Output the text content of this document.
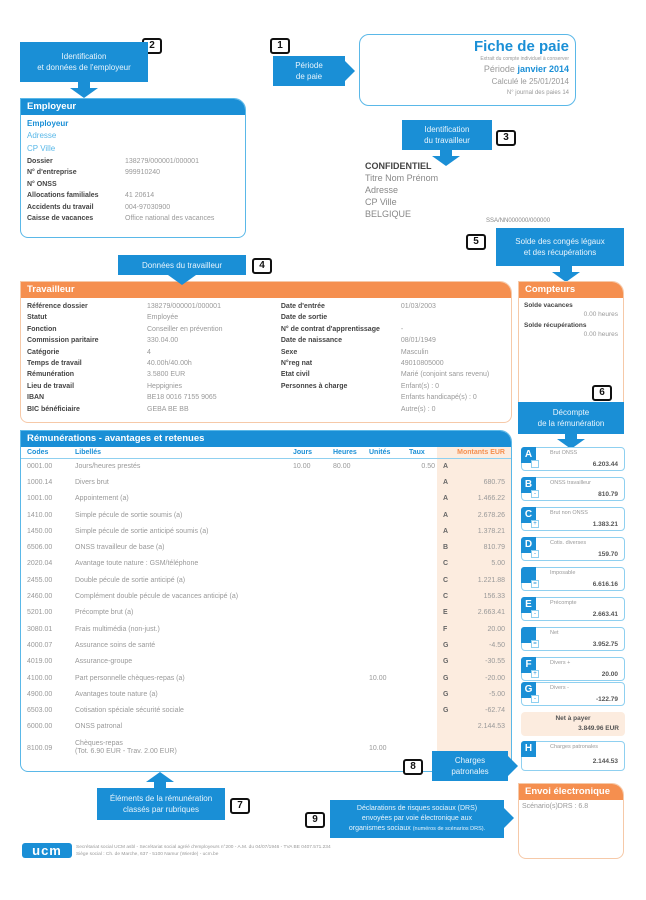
2
Identification
et données de l'employeur
1
Période
de paie
Fiche de paie
Extrait du compte individuel à conserver
Période janvier 2014
Calculé le 25/01/2014
N° journal des paies 14
Employeur
Employeur
Adresse
CP Ville
Dossier	138279/000001/000001
N° d'entreprise	999910240
N° ONSS
Allocations familiales	41 20614
Accidents du travail	004-97030900
Caisse de vacances	Office national des vacances
Identification
du travailleur	3
CONFIDENTIEL
Titre Nom Prénom
Adresse
CP Ville
BELGIQUE
SSA/NN000000/000000
5	Solde des congés légaux
et des récupérations
Données du travailleur	4
Travailleur
Référence dossier	138279/000001/000001
Statut	Employée
Fonction	Conseiller en prévention
Commission paritaire	330.04.00
Catégorie	4
Temps de travail	40.00h/40.00h
Rémunération	3.5800 EUR
Lieu de travail	Heppignies
IBAN	BE18 0016 7155 9065
BIC bénéficiaire	GEBA BE BB
Date d'entrée	01/03/2003
Date de sortie
N° de contrat d'apprentissage	-
Date de naissance	08/01/1949
Sexe	Masculin
N°reg nat	49010805000
Etat civil	Marié (conjoint sans revenu)
Personnes à charge	Enfant(s) : 0
Enfants handicapé(s) : 0
Autre(s) : 0
Compteurs
Solde vacances
0.00 heures
Solde récupérations
0.00 heures
6
Décompte
de la rémunération
Rémunérations - avantages et retenues
Codes	Libellés	Jours	Heures	Unités	Taux		Montants EUR
0001.00	Jours/heures prestés	10.00	80.00		0.50	A	
1000.14	Divers brut					A	680.75
1001.00	Appointement (a)					A	1.466.22
1410.00	Simple pécule de sortie soumis (a)					A	2.678.26
1450.00	Simple pécule de sortie anticipé soumis (a)					A	1.378.21
6506.00	ONSS travailleur de base (a)					B	810.79
2020.04	Avantage toute nature : GSM/téléphone					C	5.00
2455.00	Double pécule de sortie anticipé (a)					C	1.221.88
2460.00	Complément double pécule de vacances anticipé (a)					C	156.33
5201.00	Précompte brut (a)					E	2.663.41
3080.01	Frais multimédia (non-just.)					F	20.00
4000.07	Assurance soins de santé					G	-4.50
4019.00	Assurance-groupe					G	-30.55
4100.00	Part personnelle chèques-repas (a)			10.00		G	-20.00
4900.00	Avantages toute nature (a)					G	-5.00
6503.00	Cotisation spéciale sécurité sociale					G	-62.74
6000.00	ONSS patronal						2.144.53
8100.09	Chèques-repas
(Tot. 6.90 EUR - Trav. 2.00 EUR)			10.00			
A	Brut ONSS
6.203.44
B
-
ONSS travailleur
810.79
C
+
Brut non ONSS
1.383.21
D
-
Cotis. diverses
159.70
=
Imposable
6.616.16
E
-
Précompte
2.663.41
=
Net
3.952.75
F
+
Divers +
20.00
G
-
Divers -
-122.79
Net à payer
3.849.96 EUR
H	Charges patronales
2.144.53
8
Charges
patronales
Éléments de la rémunération
classés par rubriques	7
9
Déclarations de risques sociaux (DRS)
envoyées par voie électronique aux
organismes sociaux (numéros de scénarios DRS).
Envoi électronique
Scénario(s)DRS : 6.8
ucm	Secrétariat social UCM asbl - Secrétariat social agréé d'employeurs n°200 - A.M. du 04/07/1946 - TVA BE 0407.571.234
Siège social : Ch. de Marche, 637 - 5100 Namur (Wierde) - ucm.be
